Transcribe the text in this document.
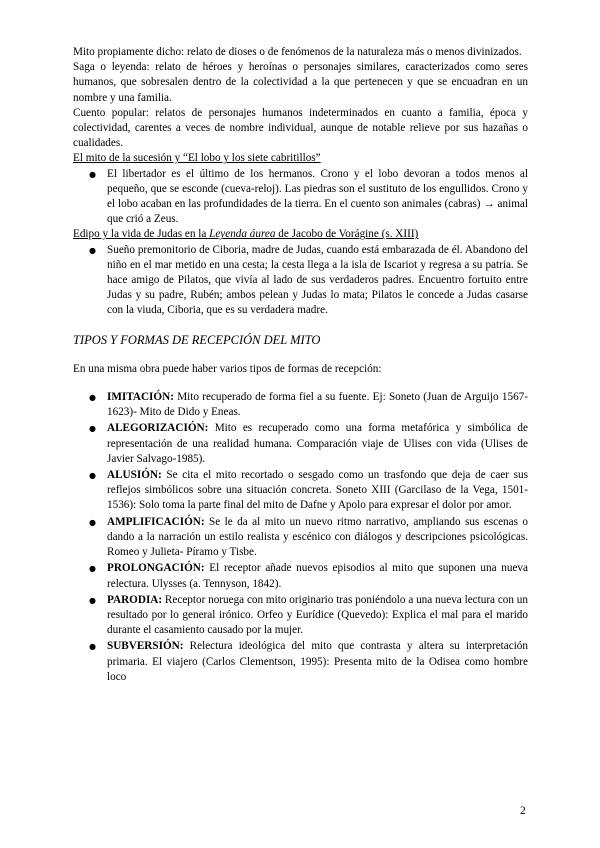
Mito propiamente dicho: relato de dioses o de fenómenos de la naturaleza más o menos divinizados.

Saga o leyenda: relato de héroes y heroínas o personajes similares, caracterizados como seres humanos, que sobresalen dentro de la colectividad a la que pertenecen y que se encuadran en un nombre y una familia.

Cuento popular: relatos de personajes humanos indeterminados en cuanto a familia, época y colectividad, carentes a veces de nombre individual, aunque de notable relieve por sus hazañas o cualidades.

El mito de la sucesión y “El lobo y los siete cabritillos”

● El libertador es el último de los hermanos. Crono y el lobo devoran a todos menos al pequeño, que se esconde (cueva-reloj). Las piedras son el sustituto de los engullidos. Crono y el lobo acaban en las profundidades de la tierra. En el cuento son animales (cabras) → animal que crió a Zeus.

Edipo y la vida de Judas en la Leyenda áurea de Jacobo de Vorágine (s. XIII)

● Sueño premonitorio de Ciboria, madre de Judas, cuando está embarazada de él. Abandono del niño en el mar metido en una cesta; la cesta llega a la isla de Iscariot y regresa a su patria. Se hace amigo de Pilatos, que vivía al lado de sus verdaderos padres. Encuentro fortuito entre Judas y su padre, Rubén; ambos pelean y Judas lo mata; Pilatos le concede a Judas casarse con la viuda, Ciboria, que es su verdadera madre.

TIPOS Y FORMAS DE RECEPCIÓN DEL MITO

En una misma obra puede haber varios tipos de formas de recepción:

● IMITACIÓN: Mito recuperado de forma fiel a su fuente. Ej: Soneto (Juan de Arguijo 1567-1623)- Mito de Dido y Eneas.
● ALEGORIZACIÓN: Mito es recuperado como una forma metafórica y simbólica de representación de una realidad humana. Comparación viaje de Ulises con vida (Ulises de Javier Salvago-1985).
● ALUSIÓN: Se cita el mito recortado o sesgado como un trasfondo que deja de caer sus reflejos simbólicos sobre una situación concreta. Soneto XIII (Garcilaso de la Vega, 1501-1536): Solo toma la parte final del mito de Dafne y Apolo para expresar el dolor por amor.
● AMPLIFICACIÓN: Se le da al mito un nuevo ritmo narrativo, ampliando sus escenas o dando a la narración un estilo realista y escénico con diálogos y descripciones psicológicas. Romeo y Julieta- Píramo y Tisbe.
● PROLONGACIÓN: El receptor añade nuevos episodios al mito que suponen una nueva relectura. Ulysses (a. Tennyson, 1842).
● PARODIA: Receptor noruega con mito originario tras poniéndolo a una nueva lectura con un resultado por lo general irónico. Orfeo y Eurídice (Quevedo): Explica el mal para el marido durante el casamiento causado por la mujer.
● SUBVERSIÓN: Relectura ideológica del mito que contrasta y altera su interpretación primaria. El viajero (Carlos Clementson, 1995): Presenta mito de la Odisea como hombre loco
2
